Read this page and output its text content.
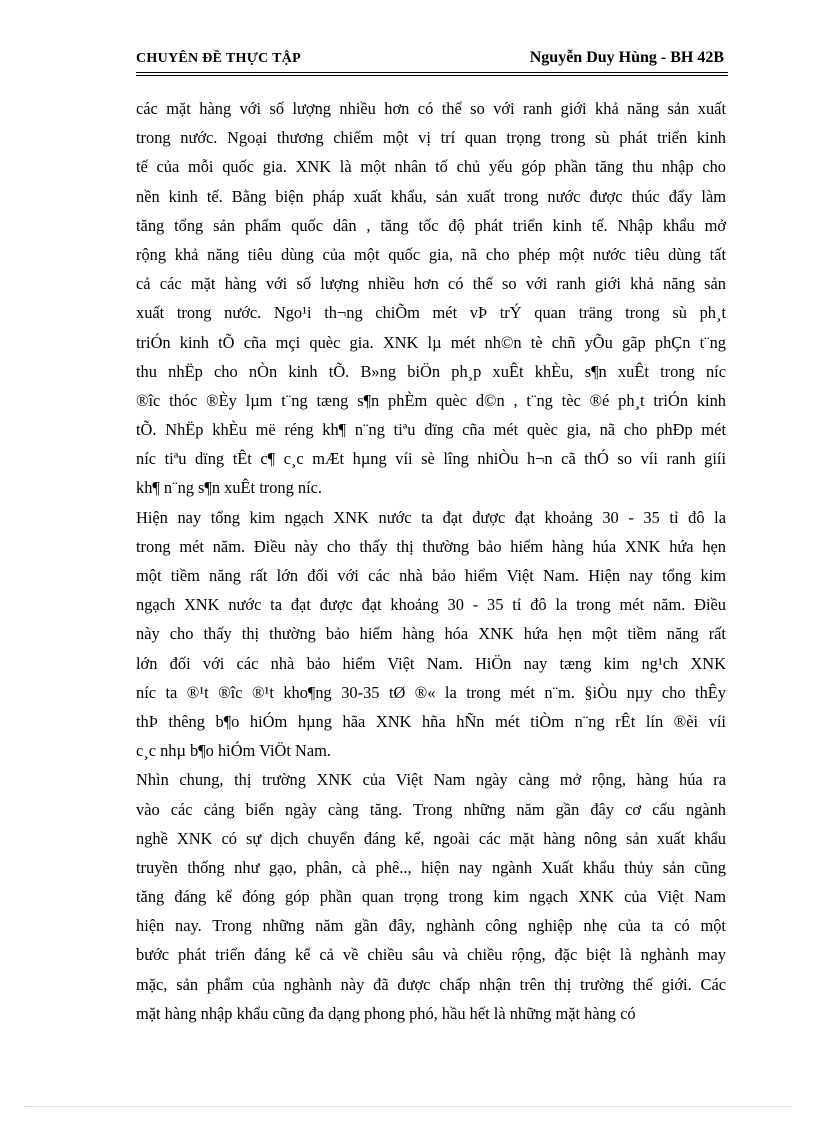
CHUYÊN ĐỀ THỰC TẬP	Nguyễn Duy Hùng - BH 42B
các mặt hàng với số lượng nhiều hơn có thể so với ranh giới khả năng sản xuất
trong nước. Ngoại thương chiếm một vị trí quan trọng trong sù phát triển kinh
tế của mỗi quốc gia. XNK là một nhân tố chủ yếu góp phần tăng thu nhập cho
nền kinh tế. Bằng biện pháp xuất khẩu, sản xuất trong nước được thúc đẩy làm
tăng tổng sản phẩm quốc dân , tăng tốc độ phát triển kinh tế. Nhập khẩu mở
rộng khả năng tiêu dùng của một quốc gia, nã cho phép một nước tiêu dùng tất
cả các mặt hàng với số lượng nhiều hơn có thể so với ranh giới khả năng sản
xuất trong nước. Ngo¹i th¬ng chiÕm mét vÞ trÝ quan träng trong sù ph¸t
triÓn kinh tÕ cña mçi quèc gia. XNK lµ mét nh©n tè chñ yÕu gãp phÇn t¨ng
thu nhËp cho nÒn kinh tÕ. B»ng biÖn ph¸p xuÊt khÈu, s¶n xuÊt trong níc
®îc thóc ®Èy lµm t¨ng tæng s¶n phÈm quèc d©n , t¨ng tèc ®é ph¸t triÓn kinh
tÕ. NhËp khÈu më réng kh¶ n¨ng tiªu dïng cña mét quèc gia, nã cho phÐp mét
níc tiªu dïng tÊt c¶ c¸c mÆt hµng víi sè lîng nhiÒu h¬n cã thÓ so víi ranh giíi
kh¶ n¨ng s¶n xuÊt trong níc.
Hiện nay tổng kim ngạch XNK nước ta đạt được đạt khoảng 30 - 35 tỉ đô la
trong mét năm. Điều này cho thấy thị thường bảo hiểm hàng húa XNK hứa hẹn
một tiềm năng rất lớn đối với các nhà bảo hiểm Việt Nam. Hiện nay tổng kim
ngạch XNK nước ta đạt được đạt khoảng 30 - 35 tỉ đô la trong mét năm. Điều
này cho thấy thị thường bảo hiểm hàng hóa XNK hứa hẹn một tiềm năng rất
lớn đối với các nhà bảo hiểm Việt Nam. HiÖn nay tæng kim ng¹ch XNK
níc ta ®¹t ®îc ®¹t kho¶ng 30-35 tØ ®« la trong mét n¨m. §iÒu nµy cho thÊy
thÞ thêng b¶o hiÓm hµng hãa XNK hña hÑn mét tiÒm n¨ng rÊt lín ®èi víi
c¸c nhµ b¶o hiÓm ViÖt Nam.
Nhìn chung, thị trường XNK của Việt Nam ngày càng mở rộng, hàng húa ra
vào các cảng biển ngày càng tăng. Trong những năm gần đây cơ cấu ngành
nghề XNK có sự dịch chuyển đáng kể, ngoài các mặt hàng nông sản xuất khẩu
truyền thống như gạo, phân, cà phê.., hiện nay ngành Xuất khẩu thủy sản cũng
tăng đáng kể đóng góp phần quan trọng trong kim ngạch XNK của Việt Nam
hiện nay. Trong những năm gần đây, nghành công nghiệp nhẹ của ta có một
bước phát triển đáng kể cả về chiều sâu và chiều rộng, đặc biệt là nghành may
mặc, sản phẩm của nghành này đã được chấp nhận trên thị trường thế giới. Các
mặt hàng nhập khẩu cũng đa dạng phong phó, hầu hết là những mặt hàng có
